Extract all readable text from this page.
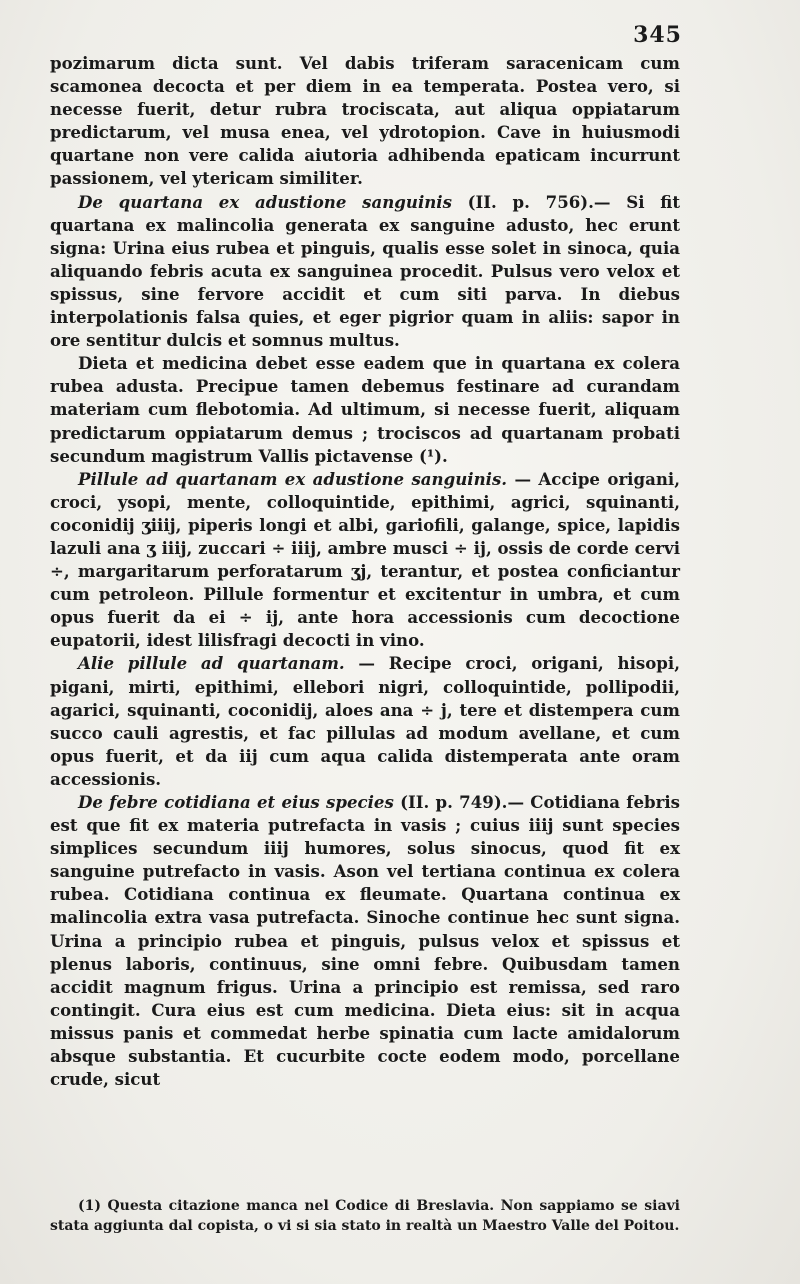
345

pozimarum dicta sunt. Vel dabis triferam saracenicam cum scamonea decocta et per diem in ea temperata. Postea vero, si necesse fuerit, detur rubra trociscata, aut aliqua oppiatarum predictarum, vel musa enea, vel ydrotopion. Cave in huiusmodi quartane non vere calida aiutoria adhibenda epaticam incurrunt passionem, vel ytericam similiter.

De quartana ex adustione sanguinis (II. p. 756).— Si fit quartana ex malincolia generata ex sanguine adusto, hec erunt signa: Urina eius rubea et pinguis, qualis esse solet in sinoca, quia aliquando febris acuta ex sanguinea procedit. Pulsus vero velox et spissus, sine fervore accidit et cum siti parva. In diebus interpolationis falsa quies, et eger pigrior quam in aliis: sapor in ore sentitur dulcis et somnus multus.

Dieta et medicina debet esse eadem que in quartana ex colera rubea adusta. Precipue tamen debemus festinare ad curandam materiam cum flebotomia. Ad ultimum, si necesse fuerit, aliquam predictarum oppiatarum demus ; trociscos ad quartanam probati secundum magistrum Vallis pictavense (¹).

Pillule ad quartanam ex adustione sanguinis. — Accipe origani, croci, ysopi, mente, colloquintide, epithimi, agrici, squinanti, coconidij ʒiiij, piperis longi et albi, gariofili, galange, spice, lapidis lazuli ana ʒ iiij, zuccari ÷ iiij, ambre musci ÷ ij, ossis de corde cervi ÷, margaritarum perforatarum ʒj, terantur, et postea conficiantur cum petroleon. Pillule formentur et excitentur in umbra, et cum opus fuerit da ei ÷ ij, ante hora accessionis cum decoctione eupatorii, idest lilisfragi decocti in vino.

Alie pillule ad quartanam. — Recipe croci, origani, hisopi, pigani, mirti, epithimi, ellebori nigri, colloquintide, pollipodii, agarici, squinanti, coconidij, aloes ana ÷ j, tere et distempera cum succo cauli agrestis, et fac pillulas ad modum avellane, et cum opus fuerit, et da iij cum aqua calida distemperata ante oram accessionis.

De febre cotidiana et eius species (II. p. 749).— Cotidiana febris est que fit ex materia putrefacta in vasis ; cuius iiij sunt species simplices secundum iiij humores, solus sinocus, quod fit ex sanguine putrefacto in vasis. Ason vel tertiana continua ex colera rubea. Cotidiana continua ex fleumate. Quartana continua ex malincolia extra vasa putrefacta. Sinoche continue hec sunt signa. Urina a principio rubea et pinguis, pulsus velox et spissus et plenus laboris, continuus, sine omni febre. Quibusdam tamen accidit magnum frigus. Urina a principio est remissa, sed raro contingit. Cura eius est cum medicina. Dieta eius: sit in acqua missus panis et commedat herbe spinatia cum lacte amidalorum absque substantia. Et cucurbite cocte eodem modo, porcellane crude, sicut

(1) Questa citazione manca nel Codice di Breslavia. Non sappiamo se siavi stata aggiunta dal copista, o vi si sia stato in realtà un Maestro Valle del Poitou.
